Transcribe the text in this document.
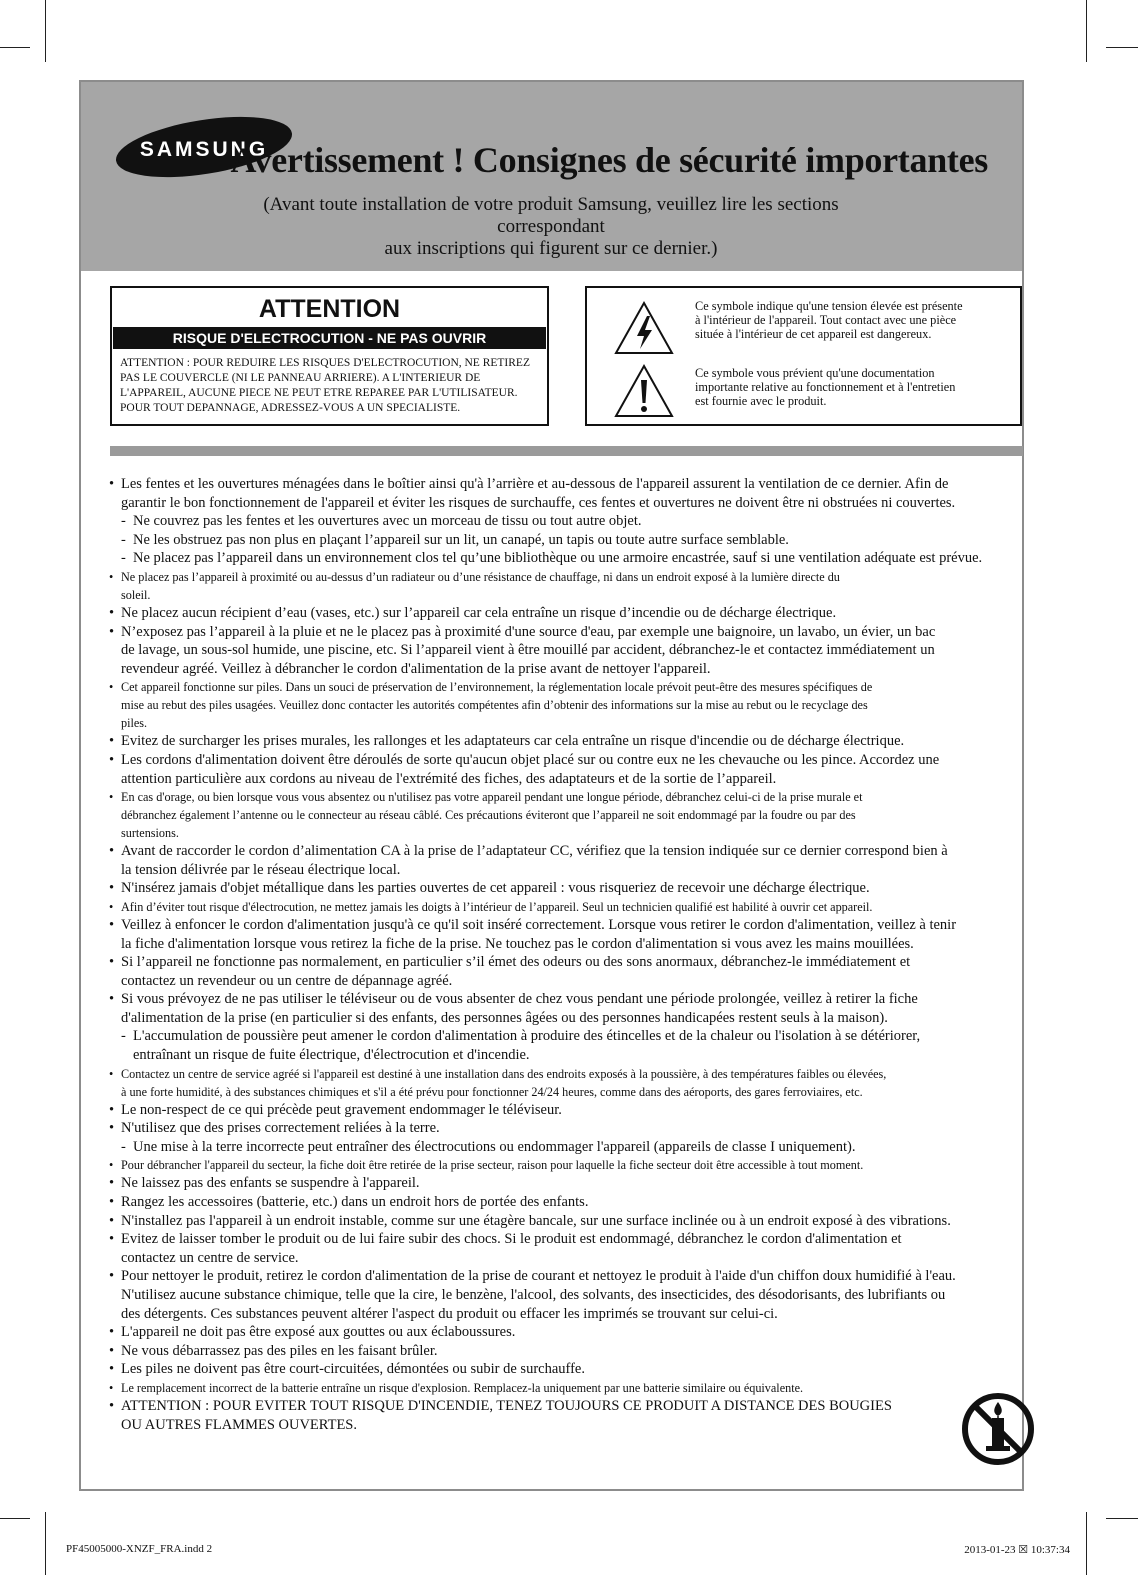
SAMSUNG
Avertissement ! Consignes de sécurité importantes
(Avant toute installation de votre produit Samsung, veuillez lire les sections correspondant
aux inscriptions qui figurent sur ce dernier.)
ATTENTION
RISQUE D'ELECTROCUTION - NE PAS OUVRIR
ATTENTION : POUR REDUIRE LES RISQUES D'ELECTROCUTION, NE RETIREZ
PAS LE COUVERCLE (NI LE PANNEAU ARRIERE). A L'INTERIEUR DE
L'APPAREIL, AUCUNE PIECE NE PEUT ETRE REPAREE PAR L'UTILISATEUR.
POUR TOUT DEPANNAGE, ADRESSEZ-VOUS A UN SPECIALISTE.
Ce symbole indique qu'une tension élevée est présente
à l'intérieur de l'appareil. Tout contact avec une pièce
située à l'intérieur de cet appareil est dangereux.
Ce symbole vous prévient qu'une documentation
importante relative au fonctionnement et à l'entretien
est fournie avec le produit.
• Les fentes et les ouvertures ménagées dans le boîtier ainsi qu'à l’arrière et au-dessous de l'appareil assurent la ventilation de ce dernier. Afin de
garantir le bon fonctionnement de l'appareil et éviter les risques de surchauffe, ces fentes et ouvertures ne doivent être ni obstruées ni couvertes.
- Ne couvrez pas les fentes et les ouvertures avec un morceau de tissu ou tout autre objet.
- Ne les obstruez pas non plus en plaçant l’appareil sur un lit, un canapé, un tapis ou toute autre surface semblable.
- Ne placez pas l’appareil dans un environnement clos tel qu’une bibliothèque ou une armoire encastrée, sauf si une ventilation adéquate est prévue.
• Ne placez pas l’appareil à proximité ou au-dessus d’un radiateur ou d’une résistance de chauffage, ni dans un endroit exposé à la lumière directe du
soleil.
• Ne placez aucun récipient d’eau (vases, etc.) sur l’appareil car cela entraîne un risque d’incendie ou de décharge électrique.
• N’exposez pas l’appareil à la pluie et ne le placez pas à proximité d'une source d'eau, par exemple une baignoire, un lavabo, un évier, un bac
de lavage, un sous-sol humide, une piscine, etc. Si l’appareil vient à être mouillé par accident, débranchez-le et contactez immédiatement un
revendeur agréé. Veillez à débrancher le cordon d'alimentation de la prise avant de nettoyer l'appareil.
• Cet appareil fonctionne sur piles. Dans un souci de préservation de l’environnement, la réglementation locale prévoit peut-être des mesures spécifiques de
mise au rebut des piles usagées. Veuillez donc contacter les autorités compétentes afin d’obtenir des informations sur la mise au rebut ou le recyclage des
piles.
• Evitez de surcharger les prises murales, les rallonges et les adaptateurs car cela entraîne un risque d'incendie ou de décharge électrique.
• Les cordons d'alimentation doivent être déroulés de sorte qu'aucun objet placé sur ou contre eux ne les chevauche ou les pince. Accordez une
attention particulière aux cordons au niveau de l'extrémité des fiches, des adaptateurs et de la sortie de l’appareil.
• En cas d'orage, ou bien lorsque vous vous absentez ou n'utilisez pas votre appareil pendant une longue période, débranchez celui-ci de la prise murale et
débranchez également l’antenne ou le connecteur au réseau câblé. Ces précautions éviteront que l’appareil ne soit endommagé par la foudre ou par des
surtensions.
• Avant de raccorder le cordon d’alimentation CA à la prise de l’adaptateur CC, vérifiez que la tension indiquée sur ce dernier correspond bien à
la tension délivrée par le réseau électrique local.
• N'insérez jamais d'objet métallique dans les parties ouvertes de cet appareil : vous risqueriez de recevoir une décharge électrique.
• Afin d’éviter tout risque d'électrocution, ne mettez jamais les doigts à l’intérieur de l’appareil. Seul un technicien qualifié est habilité à ouvrir cet appareil.
• Veillez à enfoncer le cordon d'alimentation jusqu'à ce qu'il soit inséré correctement. Lorsque vous retirer le cordon d'alimentation, veillez à tenir
la fiche d'alimentation lorsque vous retirez la fiche de la prise. Ne touchez pas le cordon d'alimentation si vous avez les mains mouillées.
• Si l’appareil ne fonctionne pas normalement, en particulier s’il émet des odeurs ou des sons anormaux, débranchez-le immédiatement et
contactez un revendeur ou un centre de dépannage agréé.
• Si vous prévoyez de ne pas utiliser le téléviseur ou de vous absenter de chez vous pendant une période prolongée, veillez à retirer la fiche
d'alimentation de la prise (en particulier si des enfants, des personnes âgées ou des personnes handicapées restent seuls à la maison).
- L'accumulation de poussière peut amener le cordon d'alimentation à produire des étincelles et de la chaleur ou l'isolation à se détériorer,
entraînant un risque de fuite électrique, d'électrocution et d'incendie.
• Contactez un centre de service agréé si l'appareil est destiné à une installation dans des endroits exposés à la poussière, à des températures faibles ou élevées,
à une forte humidité, à des substances chimiques et s'il a été prévu pour fonctionner 24/24 heures, comme dans des aéroports, des gares ferroviaires, etc.
• Le non-respect de ce qui précède peut gravement endommager le téléviseur.
• N'utilisez que des prises correctement reliées à la terre.
- Une mise à la terre incorrecte peut entraîner des électrocutions ou endommager l'appareil (appareils de classe I uniquement).
• Pour débrancher l'appareil du secteur, la fiche doit être retirée de la prise secteur, raison pour laquelle la fiche secteur doit être accessible à tout moment.
• Ne laissez pas des enfants se suspendre à l'appareil.
• Rangez les accessoires (batterie, etc.) dans un endroit hors de portée des enfants.
• N'installez pas l'appareil à un endroit instable, comme sur une étagère bancale, sur une surface inclinée ou à un endroit exposé à des vibrations.
• Evitez de laisser tomber le produit ou de lui faire subir des chocs. Si le produit est endommagé, débranchez le cordon d'alimentation et
contactez un centre de service.
• Pour nettoyer le produit, retirez le cordon d'alimentation de la prise de courant et nettoyez le produit à l'aide d'un chiffon doux humidifié à l'eau.
N'utilisez aucune substance chimique, telle que la cire, le benzène, l'alcool, des solvants, des insecticides, des désodorisants, des lubrifiants ou
des détergents. Ces substances peuvent altérer l'aspect du produit ou effacer les imprimés se trouvant sur celui-ci.
• L'appareil ne doit pas être exposé aux gouttes ou aux éclaboussures.
• Ne vous débarrassez pas des piles en les faisant brûler.
• Les piles ne doivent pas être court-circuitées, démontées ou subir de surchauffe.
• Le remplacement incorrect de la batterie entraîne un risque d'explosion. Remplacez-la uniquement par une batterie similaire ou équivalente.
• ATTENTION : POUR EVITER TOUT RISQUE D'INCENDIE, TENEZ TOUJOURS CE PRODUIT A DISTANCE DES BOUGIES
OU AUTRES FLAMMES OUVERTES.
PF45005000-XNZF_FRA.indd 2	2013-01-23 ☒ 10:37:34
